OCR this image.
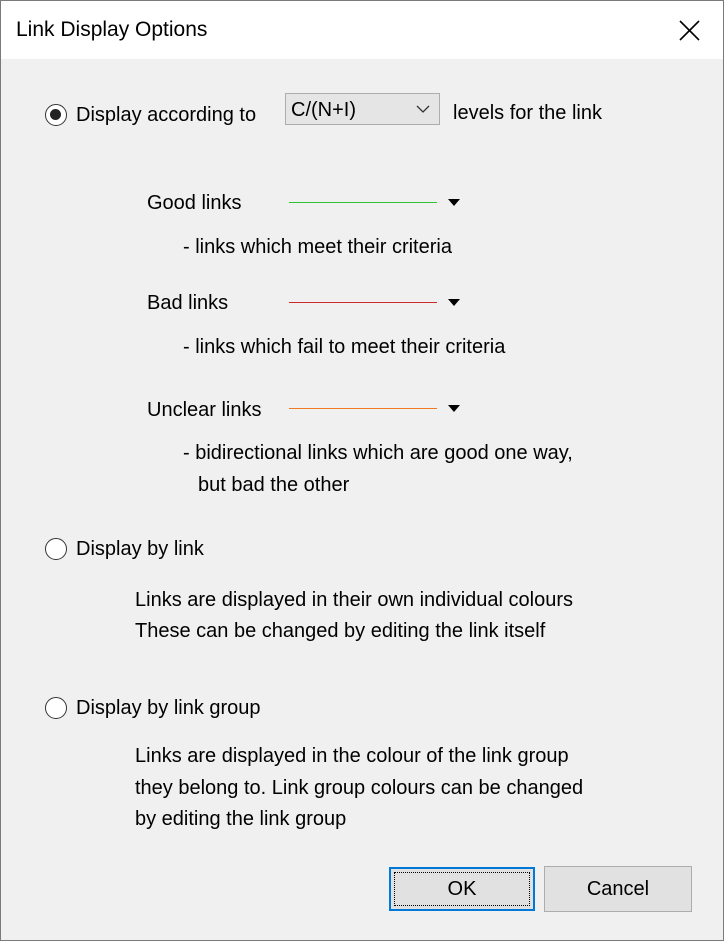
Link Display Options
Display according to C/(N+I)	levels for the link
Good links
- links which meet their criteria
Bad links
- links which fail to meet their criteria
Unclear links
- bidirectional links which are good one way,
but bad the other
Display by link
Links are displayed in their own individual colours
These can be changed by editing the link itself
Display by link group
Links are displayed in the colour of the link group
they belong to. Link group colours can be changed
by editing the link group
OK	Cancel
